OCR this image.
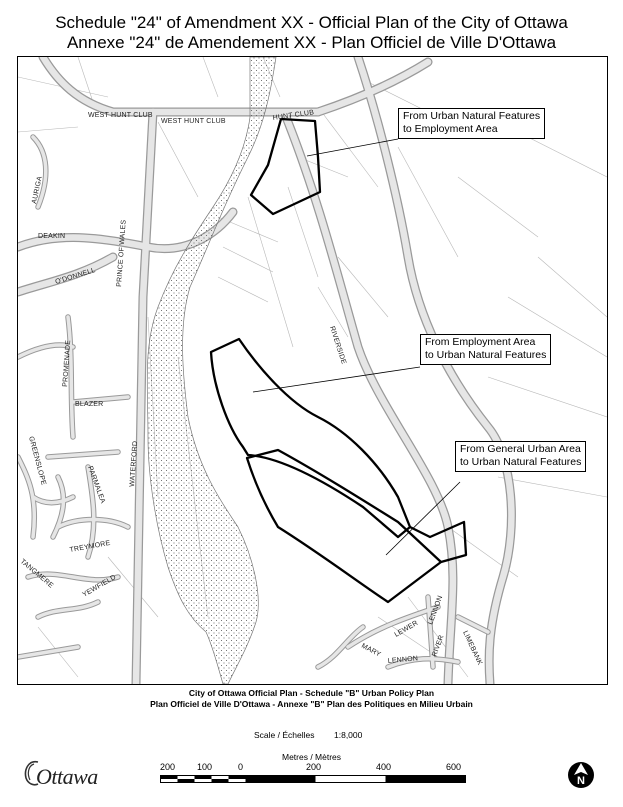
Schedule "24" of Amendment XX - Official Plan of the City of Ottawa
Annexe "24" de Amendement XX - Plan Officiel de Ville D'Ottawa
WEST HUNT CLUB
WEST HUNT CLUB	HUNT CLUB
AURIGA
DEAKIN	PRINCE OF WALES
O'DONNELL
RIVERSIDE
PROMENADE
BLAZER
GREENSLOPE	WATERFORD
PARMALEA
TREYMORE
TANGMERE	YEWFIELD
MARY
LEWER
LENNON
LENNON
RIVER LIMEBANK
From Urban Natural Features
to Employment Area
From Employment Area
to Urban Natural Features
From General Urban Area
to Urban Natural Features
City of Ottawa Official Plan - Schedule "B" Urban Policy Plan
Plan Officiel de Ville D'Ottawa - Annexe "B" Plan des Politiques en Milieu Urbain
Scale / Échelles 1:8,000
Metres / Mètres
200 100	0	200	400	600
Ottawa	N
